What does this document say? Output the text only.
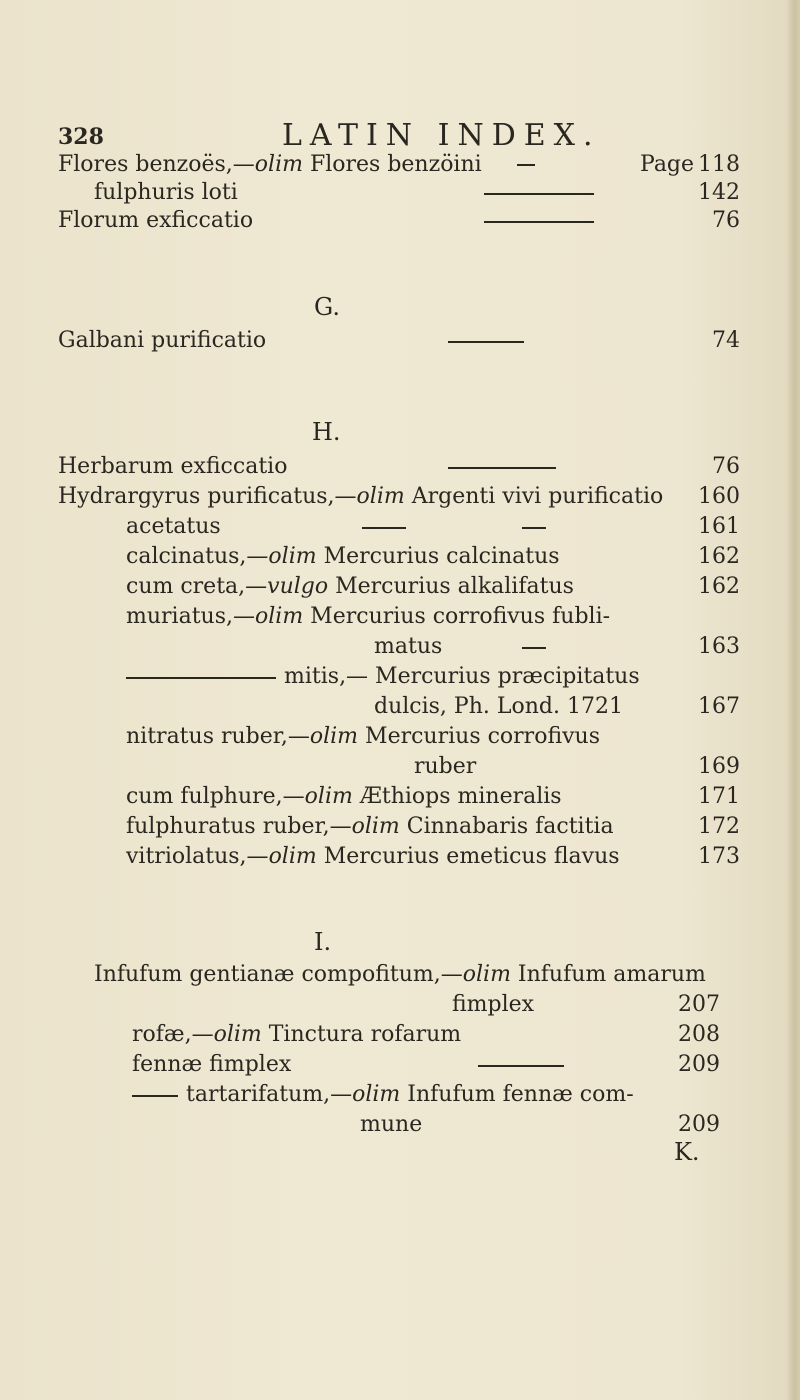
328	LATIN INDEX.
Flores benzoës,—olim Flores benzöini	Page 118
fulphuris loti	142
Florum exficcatio	76
G.
Galbani purificatio	74
H.
Herbarum exficcatio	76
Hydrargyrus purificatus,—olim Argenti vivi purificatio	160
acetatus	161
calcinatus,—olim Mercurius calcinatus	162
cum creta,—vulgo Mercurius alkalifatus	162
muriatus,—olim Mercurius corrofivus fubli-
matus	163
mitis,— Mercurius præcipitatus
dulcis, Ph. Lond. 1721	167
nitratus ruber,—olim Mercurius corrofivus
ruber	169
cum fulphure,—olim Æthiops mineralis	171
fulphuratus ruber,—olim Cinnabaris factitia	172
vitriolatus,—olim Mercurius emeticus flavus	173
I.
Infufum gentianæ compofitum,—olim Infufum amarum
fimplex	207
rofæ,—olim Tinctura rofarum	208
fennæ fimplex	209
tartarifatum,—olim Infufum fennæ com-
mune	209
K.
